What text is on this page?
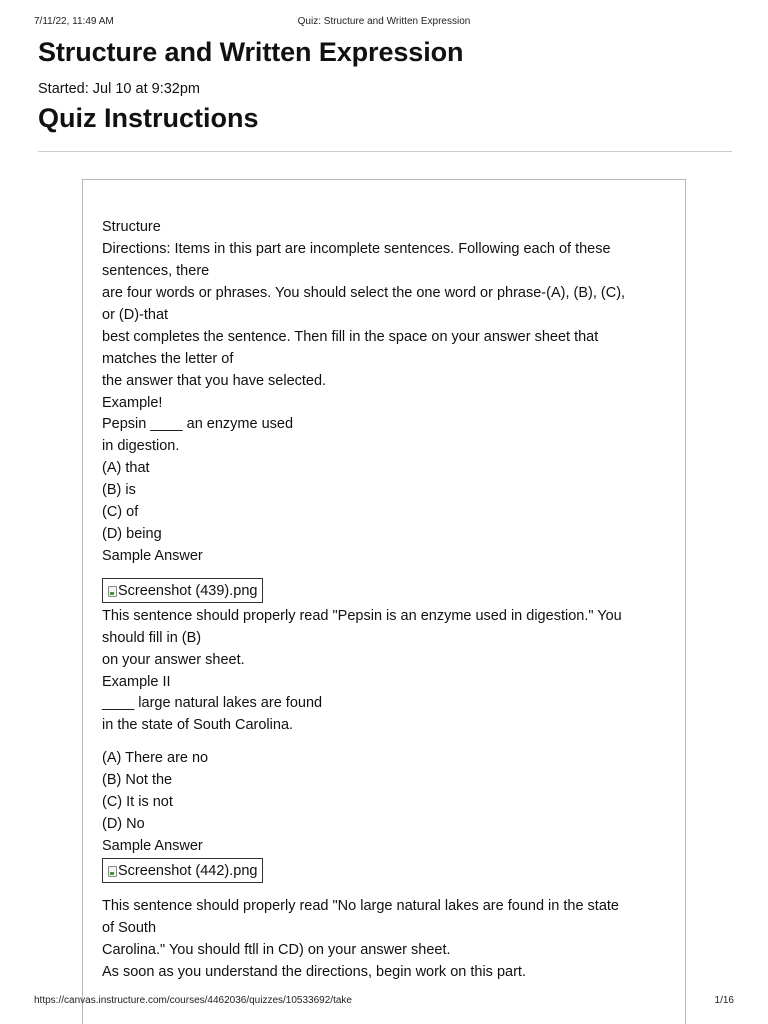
7/11/22, 11:49 AM	Quiz: Structure and Written Expression
Structure and Written Expression
Started: Jul 10 at 9:32pm
Quiz Instructions
Structure
Directions: Items in this part are incomplete sentences. Following each of these
sentences, there
are four words or phrases. You should select the one word or phrase-(A), (B), (C),
or (D)-that
best completes the sentence. Then fill in the space on your answer sheet that
matches the letter of
the answer that you have selected.
Example!
Pepsin ____ an enzyme used
in digestion.
(A) that
(B) is
(C) of
(D) being
Sample Answer
Screenshot (439).png
This sentence should properly read "Pepsin is an enzyme used in digestion." You
should fill in (B)
on your answer sheet.
Example II
____ large natural lakes are found
in the state of South Carolina.
(A) There are no
(B) Not the
(C) It is not
(D) No
Sample Answer
Screenshot (442).png
This sentence should properly read "No large natural lakes are found in the state
of South
Carolina." You should ftll in CD) on your answer sheet.
As soon as you understand the directions, begin work on this part.
https://canvas.instructure.com/courses/4462036/quizzes/10533692/take	1/16
